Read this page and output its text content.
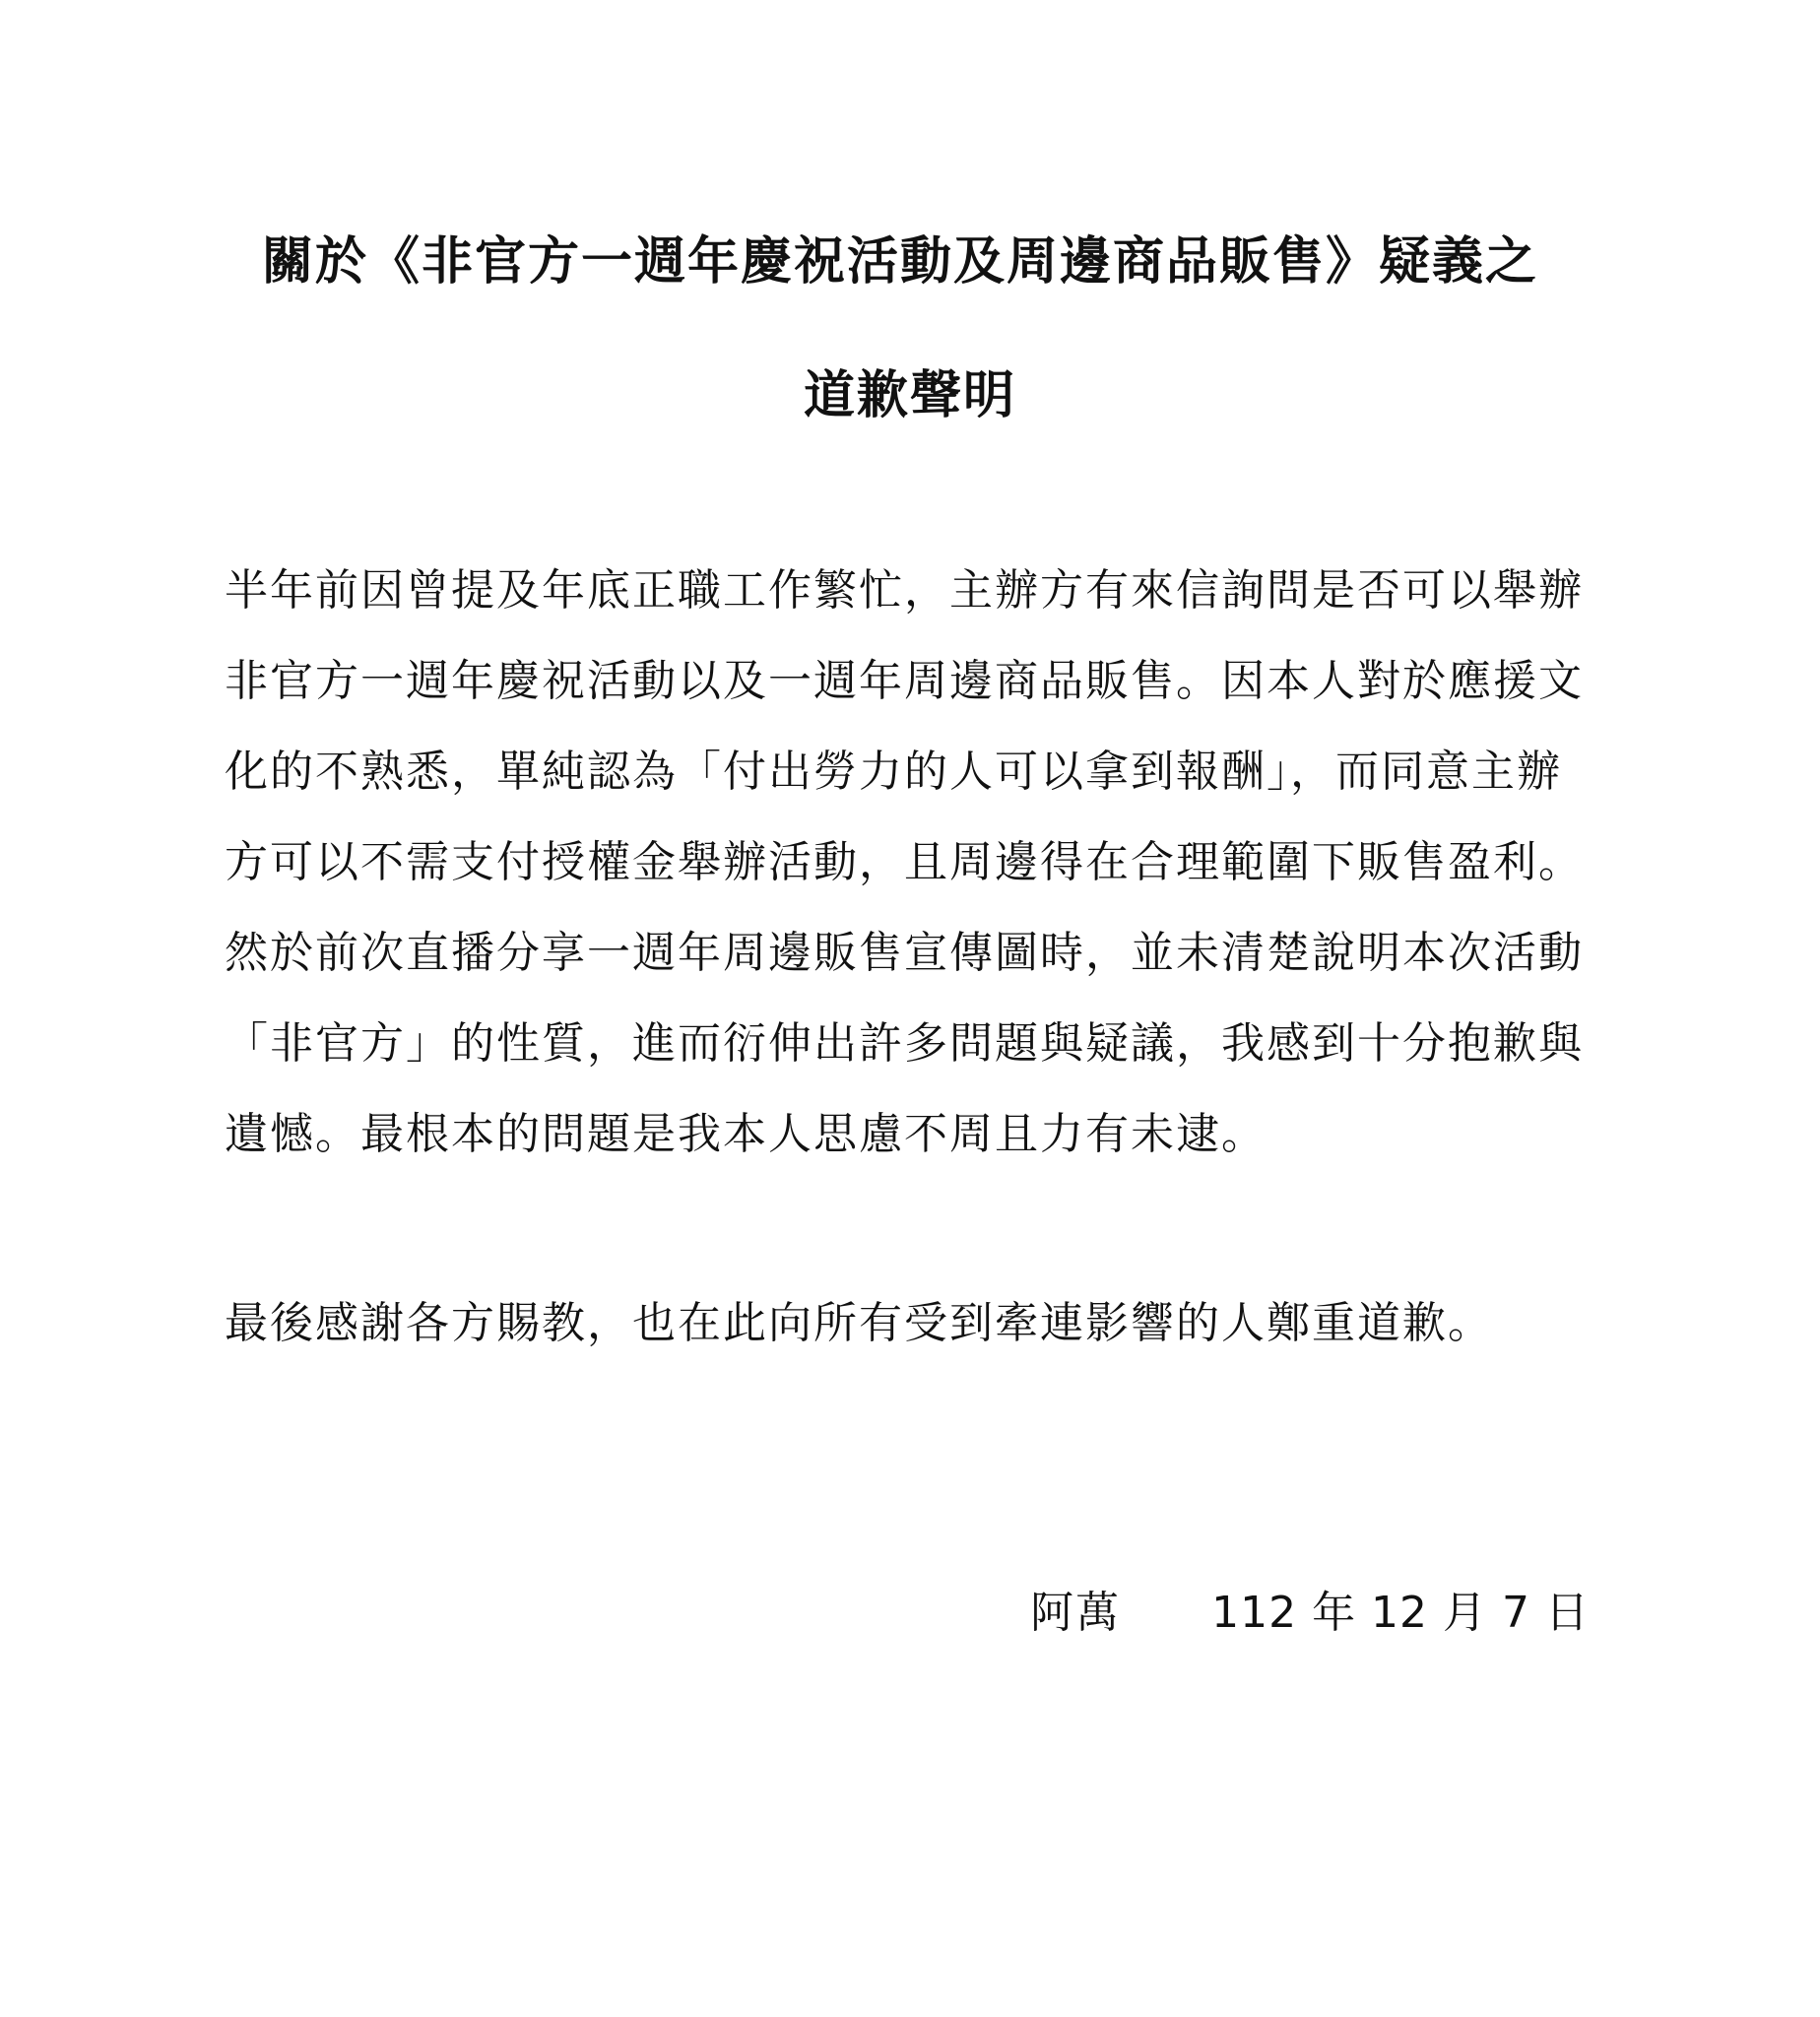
關於《非官方一週年慶祝活動及周邊商品販售》疑義之
道歉聲明
半年前因曾提及年底正職工作繁忙，主辦方有來信詢問是否可以舉辦
非官方一週年慶祝活動以及一週年周邊商品販售。因本人對於應援文
化的不熟悉，單純認為「付出勞力的人可以拿到報酬」，而同意主辦
方可以不需支付授權金舉辦活動，且周邊得在合理範圍下販售盈利。
然於前次直播分享一週年周邊販售宣傳圖時，並未清楚說明本次活動
「非官方」的性質，進而衍伸出許多問題與疑議，我感到十分抱歉與
遺憾。最根本的問題是我本人思慮不周且力有未逮。
最後感謝各方賜教，也在此向所有受到牽連影響的人鄭重道歉。
阿萬 112 年 12 月 7 日
